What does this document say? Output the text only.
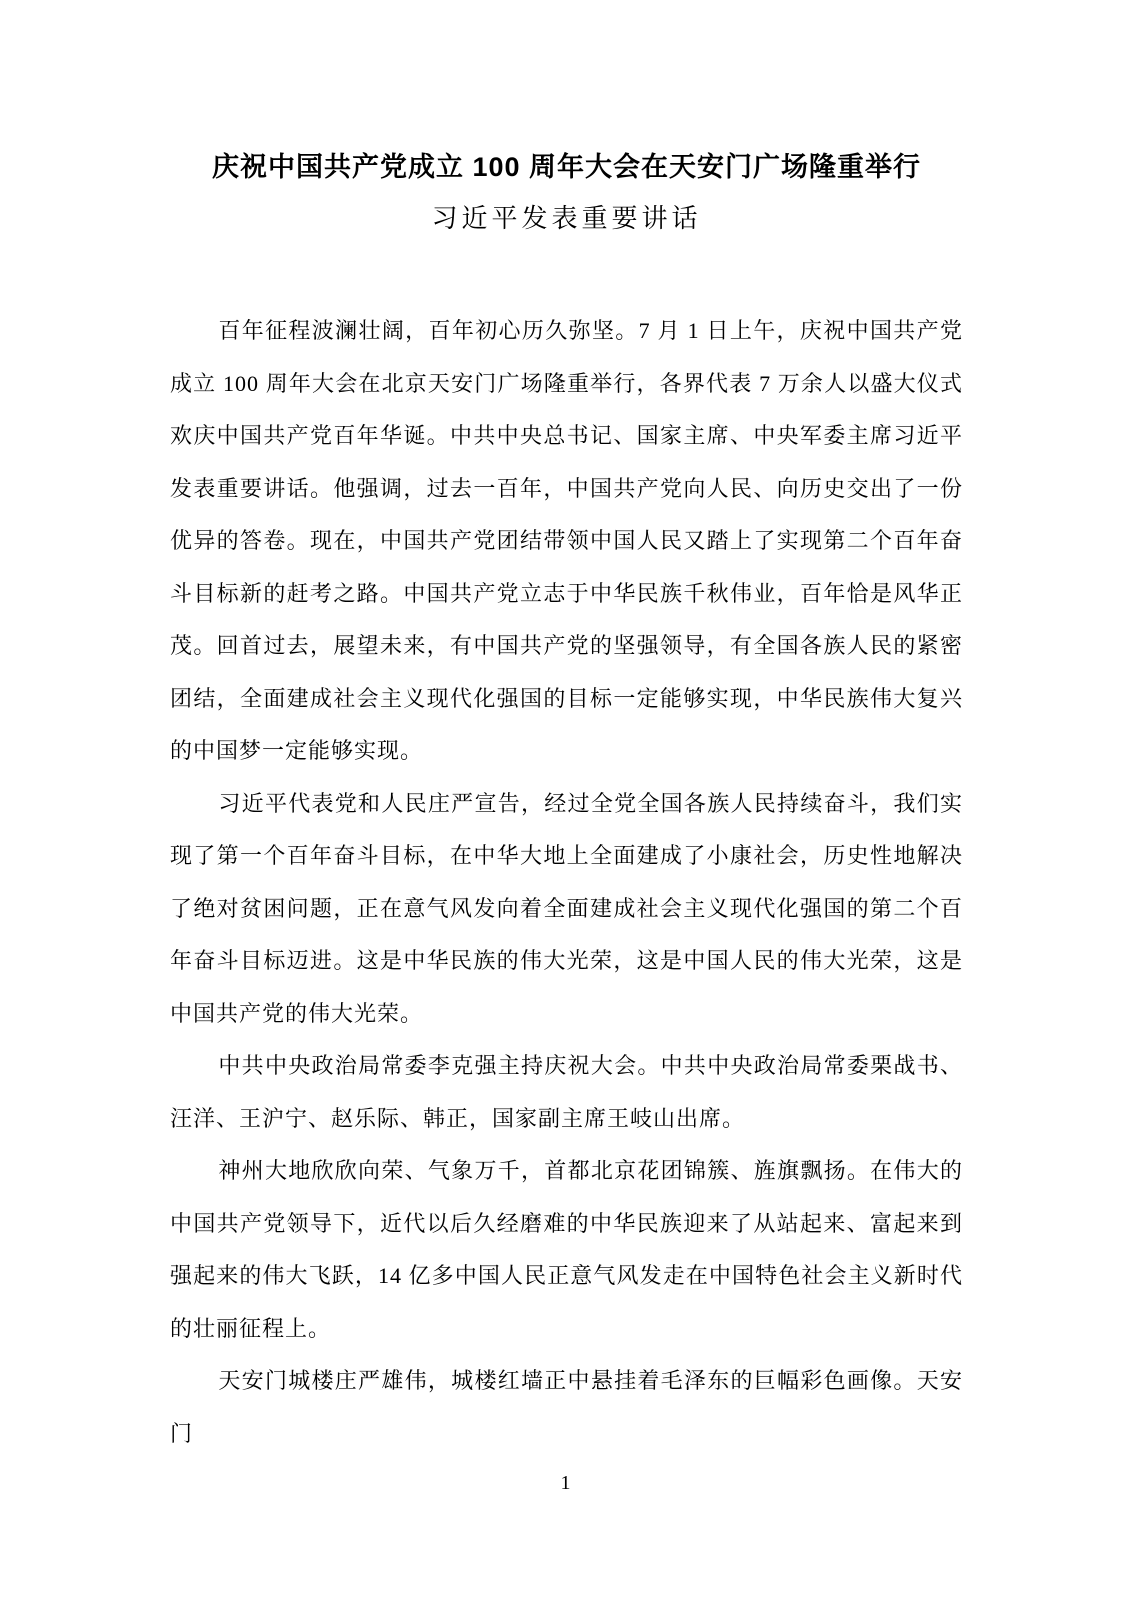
庆祝中国共产党成立 100 周年大会在天安门广场隆重举行
习近平发表重要讲话

百年征程波澜壮阔，百年初心历久弥坚。7 月 1 日上午，庆祝中国共产党成立 100 周年大会在北京天安门广场隆重举行，各界代表 7 万余人以盛大仪式欢庆中国共产党百年华诞。中共中央总书记、国家主席、中央军委主席习近平发表重要讲话。他强调，过去一百年，中国共产党向人民、向历史交出了一份优异的答卷。现在，中国共产党团结带领中国人民又踏上了实现第二个百年奋斗目标新的赶考之路。中国共产党立志于中华民族千秋伟业，百年恰是风华正茂。回首过去，展望未来，有中国共产党的坚强领导，有全国各族人民的紧密团结，全面建成社会主义现代化强国的目标一定能够实现，中华民族伟大复兴的中国梦一定能够实现。

习近平代表党和人民庄严宣告，经过全党全国各族人民持续奋斗，我们实现了第一个百年奋斗目标，在中华大地上全面建成了小康社会，历史性地解决了绝对贫困问题，正在意气风发向着全面建成社会主义现代化强国的第二个百年奋斗目标迈进。这是中华民族的伟大光荣，这是中国人民的伟大光荣，这是中国共产党的伟大光荣。

中共中央政治局常委李克强主持庆祝大会。中共中央政治局常委栗战书、汪洋、王沪宁、赵乐际、韩正，国家副主席王岐山出席。

神州大地欣欣向荣、气象万千，首都北京花团锦簇、旌旗飘扬。在伟大的中国共产党领导下，近代以后久经磨难的中华民族迎来了从站起来、富起来到强起来的伟大飞跃，14 亿多中国人民正意气风发走在中国特色社会主义新时代的壮丽征程上。

天安门城楼庄严雄伟，城楼红墙正中悬挂着毛泽东的巨幅彩色画像。天安门

1
